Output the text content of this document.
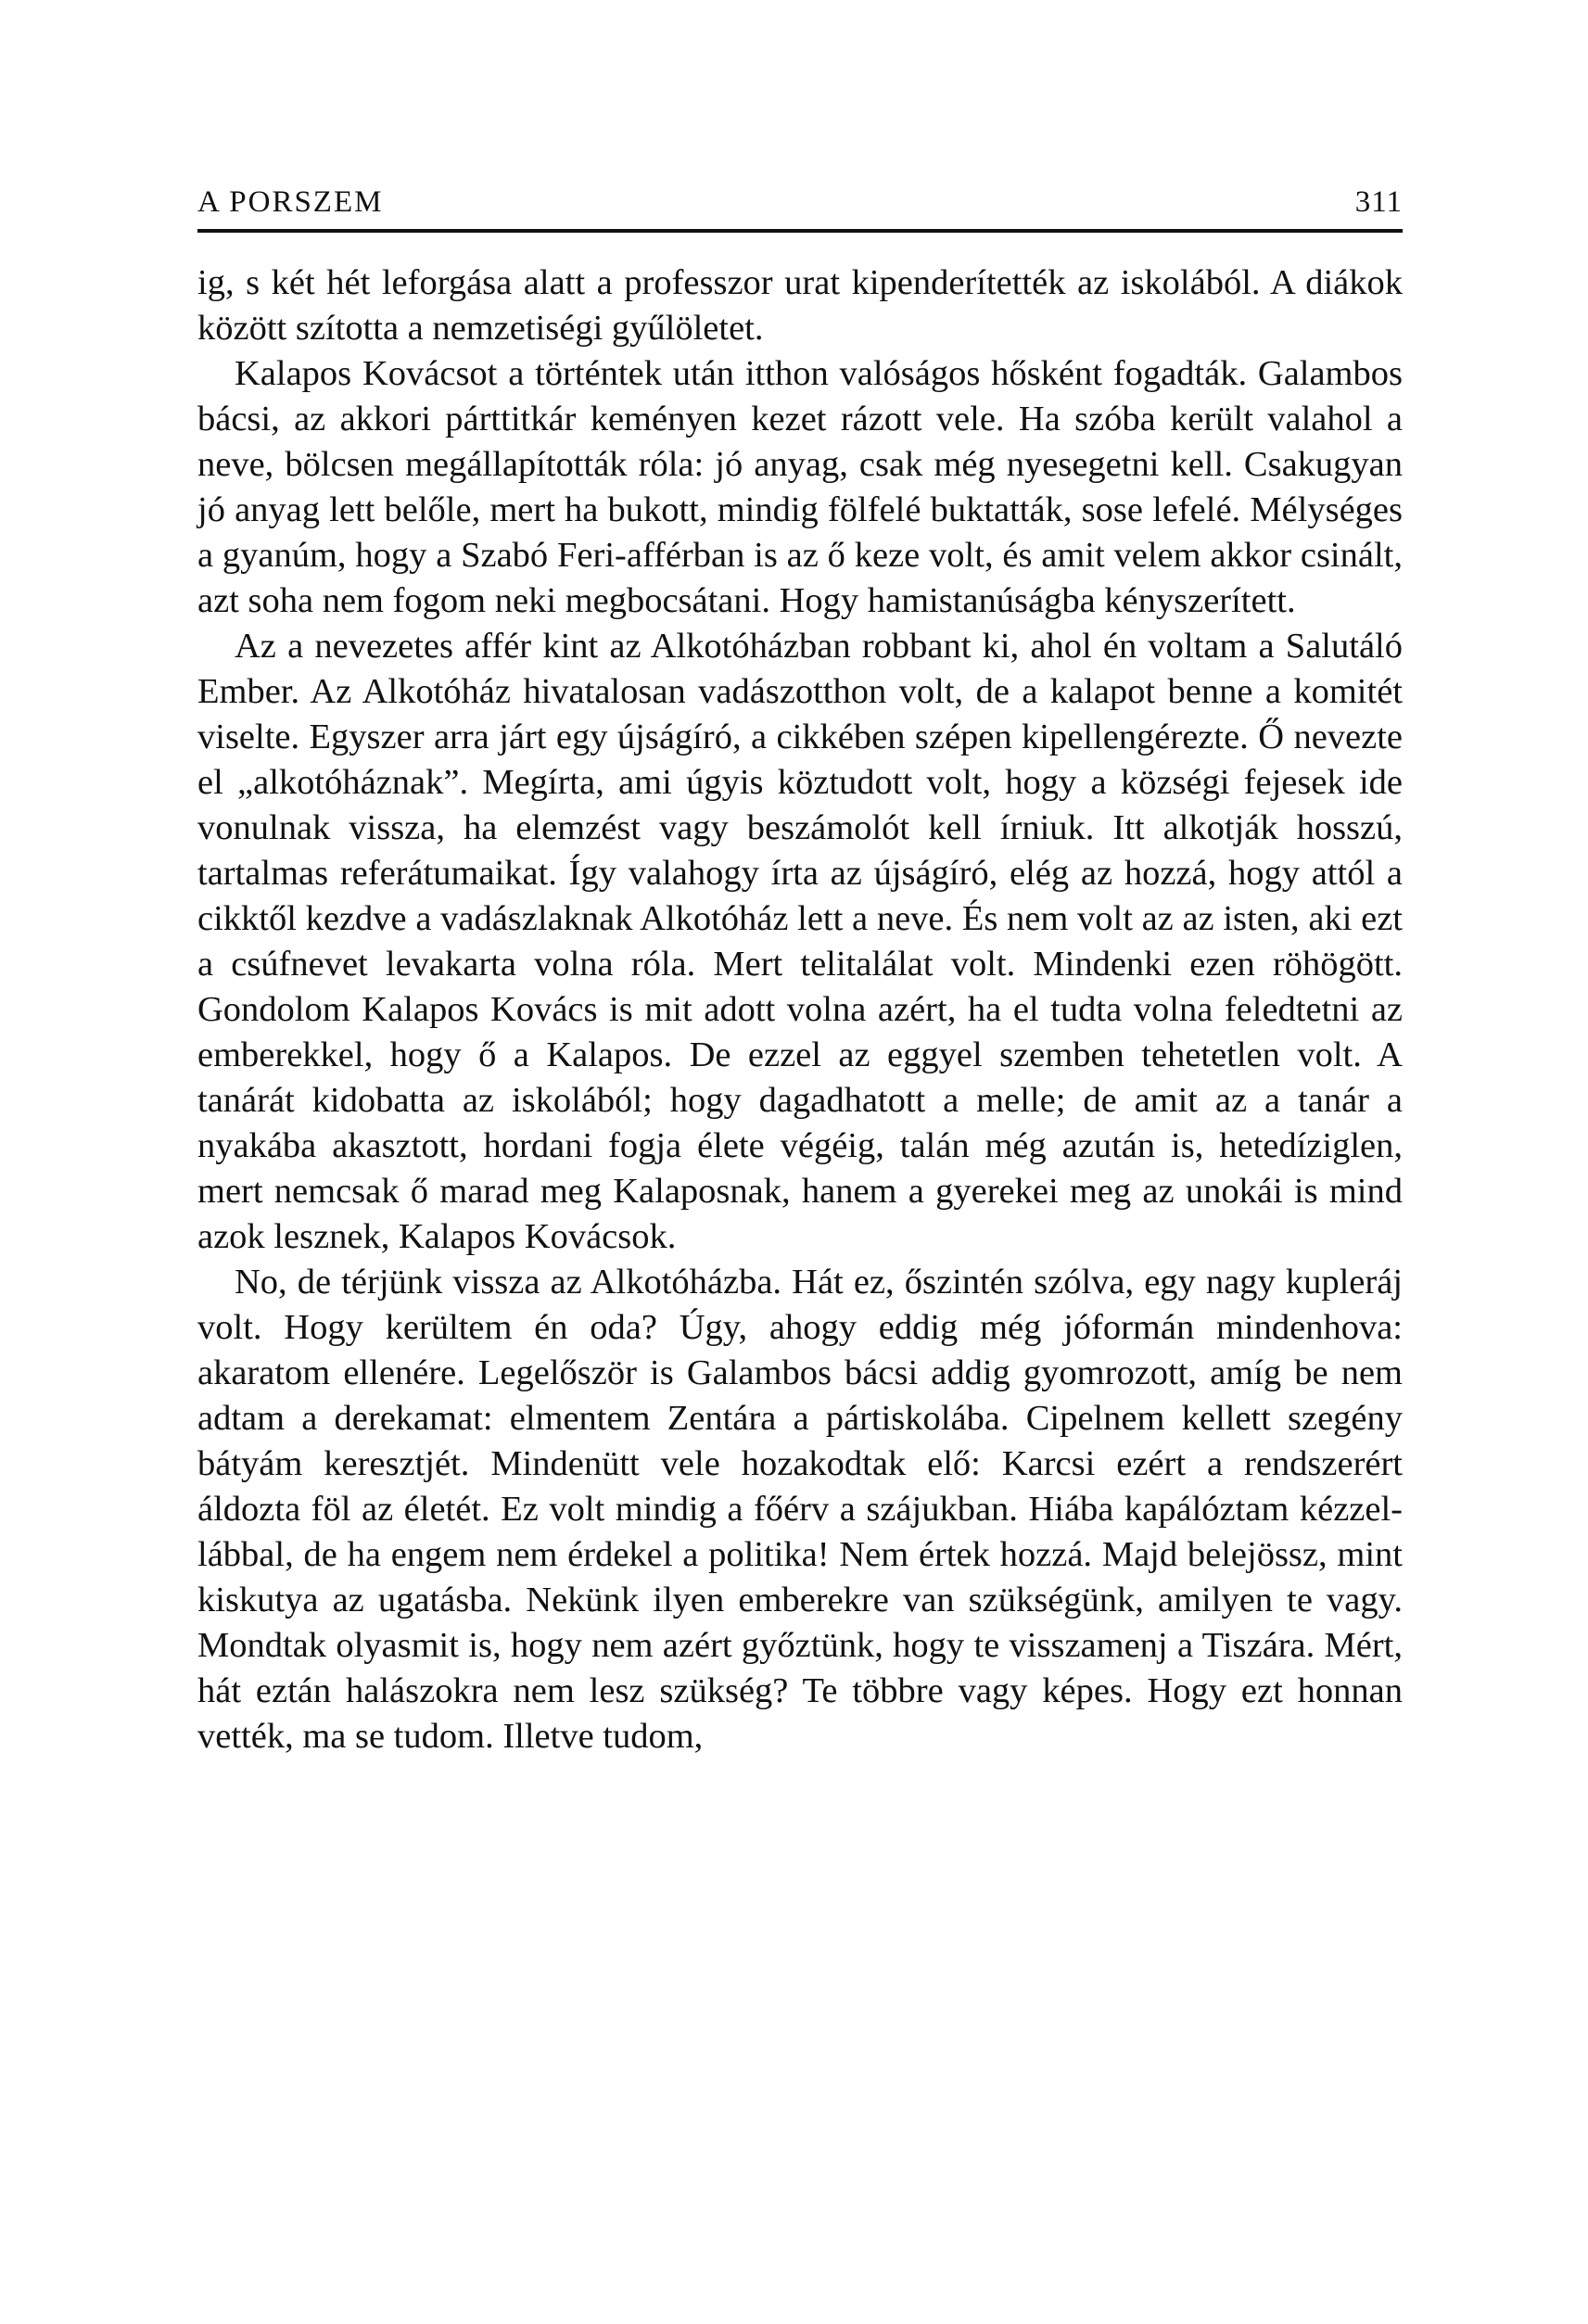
A PORSZEM	311

ig, s két hét leforgása alatt a professzor urat kipenderítették az iskolából. A diákok között szította a nemzetiségi gyűlöletet.

Kalapos Kovácsot a történtek után itthon valóságos hősként fogadták. Galambos bácsi, az akkori párttitkár keményen kezet rázott vele. Ha szóba került valahol a neve, bölcsen megállapították róla: jó anyag, csak még nyesegetni kell. Csakugyan jó anyag lett belőle, mert ha bukott, mindig fölfelé buktatták, sose lefelé. Mélységes a gyanúm, hogy a Szabó Feri-afférban is az ő keze volt, és amit velem akkor csinált, azt soha nem fogom neki megbocsátani. Hogy hamistanúságba kényszerített.

Az a nevezetes affér kint az Alkotóházban robbant ki, ahol én voltam a Salutáló Ember. Az Alkotóház hivatalosan vadászotthon volt, de a kalapot benne a komitét viselte. Egyszer arra járt egy újságíró, a cikkében szépen kipellengérezte. Ő nevezte el „alkotóháznak”. Megírta, ami úgyis köztudott volt, hogy a községi fejesek ide vonulnak vissza, ha elemzést vagy beszámolót kell írniuk. Itt alkotják hosszú, tartalmas referátumaikat. Így valahogy írta az újságíró, elég az hozzá, hogy attól a cikktől kezdve a vadászlaknak Alkotóház lett a neve. És nem volt az az isten, aki ezt a csúfnevet levakarta volna róla. Mert telitalálat volt. Mindenki ezen röhögött. Gondolom Kalapos Kovács is mit adott volna azért, ha el tudta volna feledtetni az emberekkel, hogy ő a Kalapos. De ezzel az eggyel szemben tehetetlen volt. A tanárát kidobatta az iskolából; hogy dagadhatott a melle; de amit az a tanár a nyakába akasztott, hordani fogja élete végéig, talán még azután is, hetedíziglen, mert nemcsak ő marad meg Kalaposnak, hanem a gyerekei meg az unokái is mind azok lesznek, Kalapos Kovácsok.

No, de térjünk vissza az Alkotóházba. Hát ez, őszintén szólva, egy nagy kupleráj volt. Hogy kerültem én oda? Úgy, ahogy eddig még jóformán mindenhova: akaratom ellenére. Legelőször is Galambos bácsi addig gyomrozott, amíg be nem adtam a derekamat: elmentem Zentára a pártiskolába. Cipelnem kellett szegény bátyám keresztjét. Mindenütt vele hozakodtak elő: Karcsi ezért a rendszerért áldozta föl az életét. Ez volt mindig a főérv a szájukban. Hiába kapálóztam kézzel-lábbal, de ha engem nem érdekel a politika! Nem értek hozzá. Majd belejössz, mint kiskutya az ugatásba. Nekünk ilyen emberekre van szükségünk, amilyen te vagy. Mondtak olyasmit is, hogy nem azért győztünk, hogy te visszamenj a Tiszára. Mért, hát eztán halászokra nem lesz szükség? Te többre vagy képes. Hogy ezt honnan vették, ma se tudom. Illetve tudom,
